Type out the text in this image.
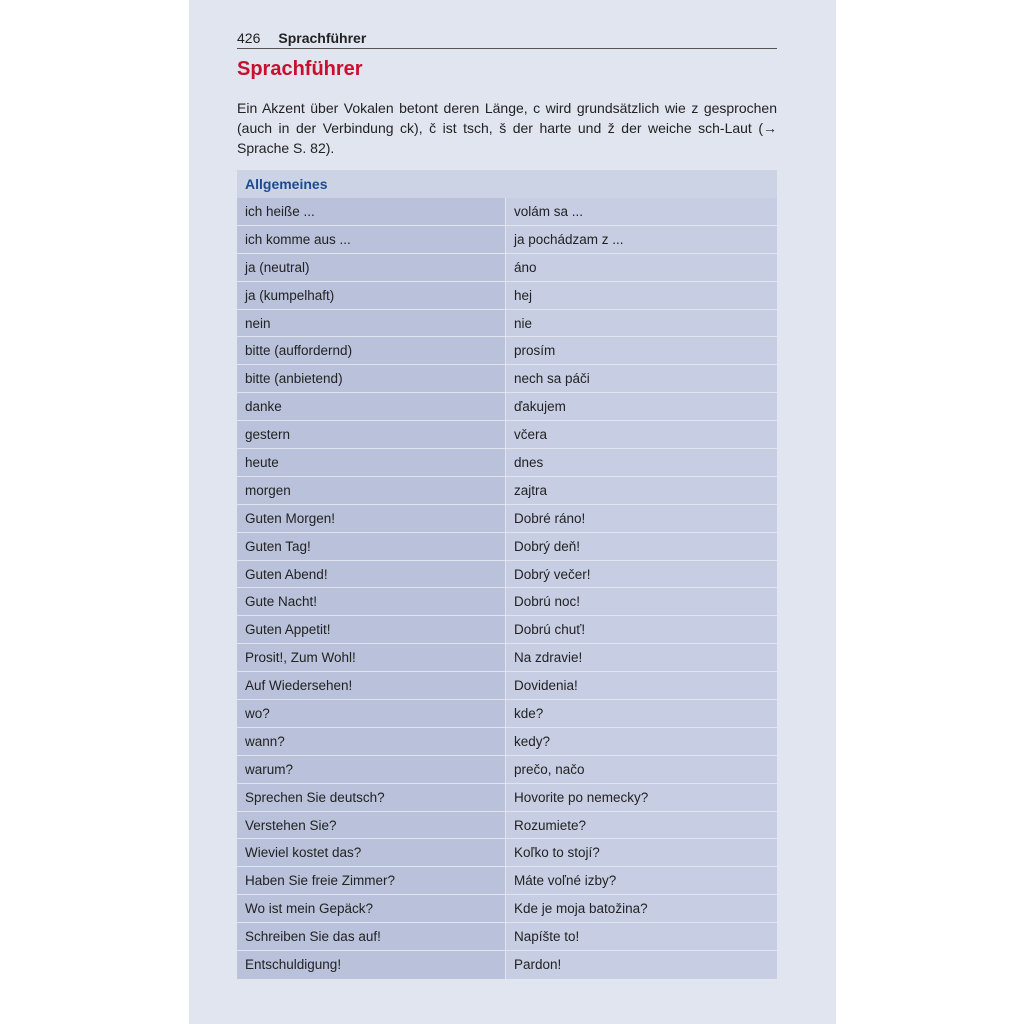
426 Sprachführer
Sprachführer

Ein Akzent über Vokalen betont deren Länge, c wird grundsätzlich wie z gesprochen (auch in der Verbindung ck), č ist tsch, š der harte und ž der weiche sch-Laut (→ Sprache S. 82).

Allgemeines
ich heiße ...	volám sa ...
ich komme aus ...	ja pochádzam z ...
ja (neutral)	áno
ja (kumpelhaft)	hej
nein	nie
bitte (auffordernd)	prosím
bitte (anbietend)	nech sa páči
danke	ďakujem
gestern	včera
heute	dnes
morgen	zajtra
Guten Morgen!	Dobré ráno!
Guten Tag!	Dobrý deň!
Guten Abend!	Dobrý večer!
Gute Nacht!	Dobrú noc!
Guten Appetit!	Dobrú chuť!
Prosit!, Zum Wohl!	Na zdravie!
Auf Wiedersehen!	Dovidenia!
wo?	kde?
wann?	kedy?
warum?	prečo, načo
Sprechen Sie deutsch?	Hovorite po nemecky?
Verstehen Sie?	Rozumiete?
Wieviel kostet das?	Koľko to stojí?
Haben Sie freie Zimmer?	Máte voľné izby?
Wo ist mein Gepäck?	Kde je moja batožina?
Schreiben Sie das auf!	Napíšte to!
Entschuldigung!	Pardon!
